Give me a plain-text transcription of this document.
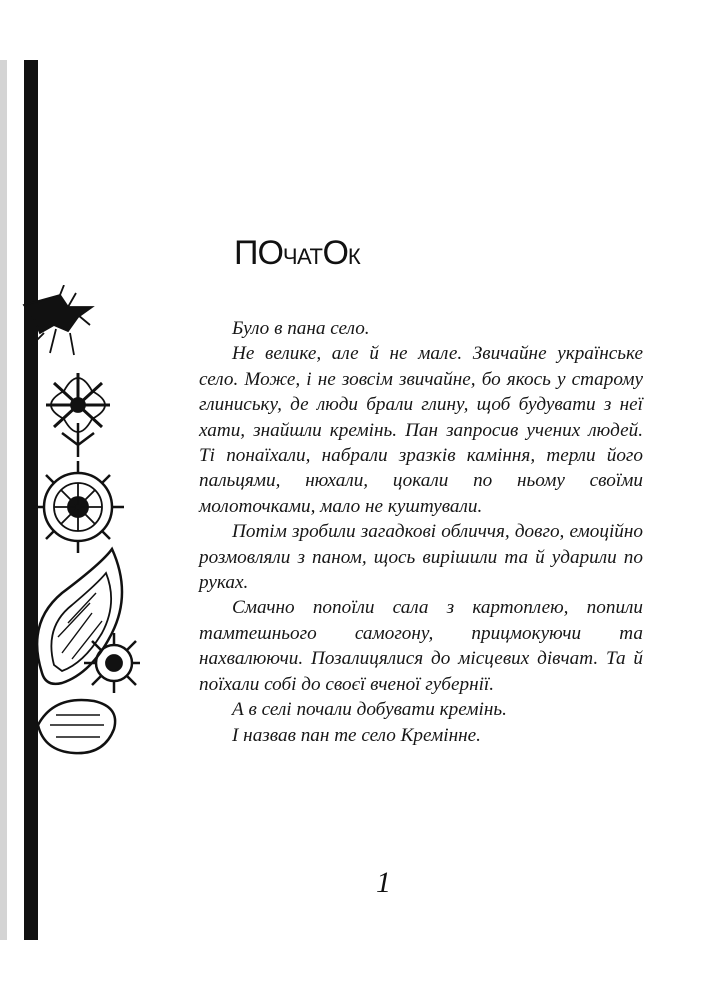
ПОЧАТОК

Було в пана село.

Не велике, але й не мале. Звичайне українське село. Може, і не зовсім звичайне, бо якось у старому глиниську, де люди брали глину, щоб будувати з неї хати, знайшли кремінь. Пан запросив учених людей. Ті понаїхали, набрали зразків каміння, терли його пальцями, нюхали, цокали по ньому своїми молоточками, мало не куштували.

Потім зробили загадкові обличчя, довго, емоційно розмовляли з паном, щось вирішили та й ударили по руках.

Смачно попоїли сала з картоплею, попили тамтешнього самогону, прицмокуючи та нахвалюючи. Позалицялися до місцевих дівчат. Та й поїхали собі до своєї вченої губернії.

А в селі почали добувати кремінь.

І назвав пан те село Кремінне.

1
